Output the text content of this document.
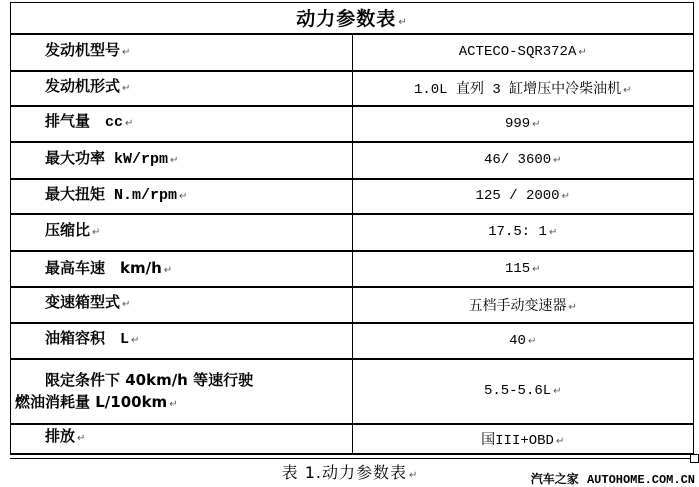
动力参数表 ↵	

发动机型号 ↵	ACTECO-SQR372A ↵

发动机形式 ↵	1.0L 直列 3 缸增压中冷柴油机 ↵

排气量　cc ↵	999 ↵

最大功率 kW/rpm ↵	46/ 3600 ↵

最大扭矩 N.m/rpm ↵	125 / 2000 ↵

压缩比 ↵	17.5: 1 ↵

最高车速　km/h ↵	115 ↵

变速箱型式 ↵	五档手动变速器 ↵

油箱容积　L ↵	40 ↵

限定条件下 40km/h 等速行驶
燃油消耗量 L/100km ↵	5.5-5.6L ↵

排放 ↵	国III+OBD ↵
表 1.动力参数表 ↵	汽车之家 AUTOHOME.COM.CN
